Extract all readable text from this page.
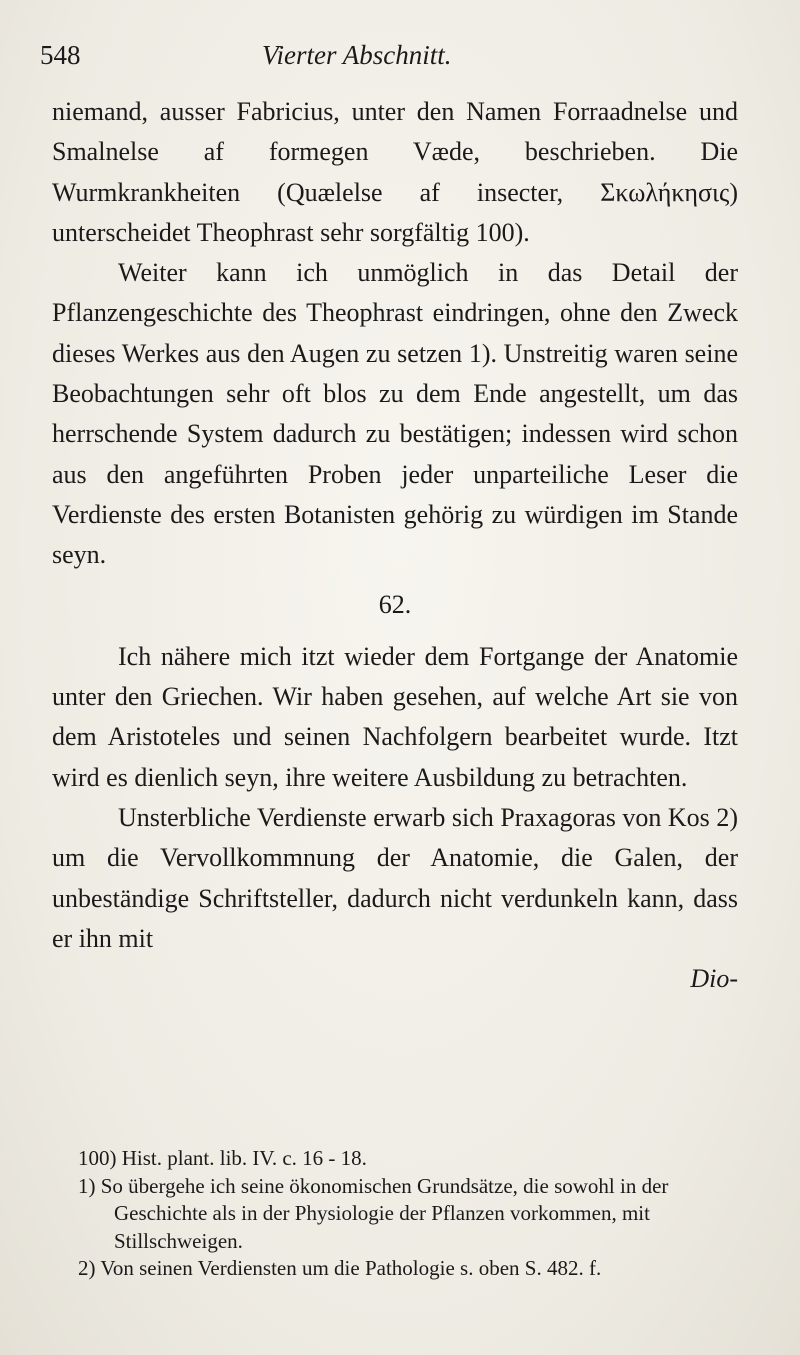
548	Vierter Abschnitt.

niemand, ausser Fabricius, unter den Namen Forraadnelse und Smalnelse af formegen Væde, beschrieben. Die Wurmkrankheiten (Quælelse af insecter, Σκωλήκησις) unterscheidet Theophrast sehr sorgfältig 100).

Weiter kann ich unmöglich in das Detail der Pflanzengeschichte des Theophrast eindringen, ohne den Zweck dieses Werkes aus den Augen zu setzen 1). Unstreitig waren seine Beobachtungen sehr oft blos zu dem Ende angestellt, um das herrschende System dadurch zu bestätigen; indessen wird schon aus den angeführten Proben jeder unparteiliche Leser die Verdienste des ersten Botanisten gehörig zu würdigen im Stande seyn.

62.

Ich nähere mich itzt wieder dem Fortgange der Anatomie unter den Griechen. Wir haben gesehen, auf welche Art sie von dem Aristoteles und seinen Nachfolgern bearbeitet wurde. Itzt wird es dienlich seyn, ihre weitere Ausbildung zu betrachten.

Unsterbliche Verdienste erwarb sich Praxagoras von Kos 2) um die Vervollkommnung der Anatomie, die Galen, der unbeständige Schriftsteller, dadurch nicht verdunkeln kann, dass er ihn mit

Dio-

100) Hist. plant. lib. IV. c. 16 - 18.

1) So übergehe ich seine ökonomischen Grundsätze, die sowohl in der Geschichte als in der Physiologie der Pflanzen vorkommen, mit Stillschweigen.

2) Von seinen Verdiensten um die Pathologie s. oben S. 482. f.
